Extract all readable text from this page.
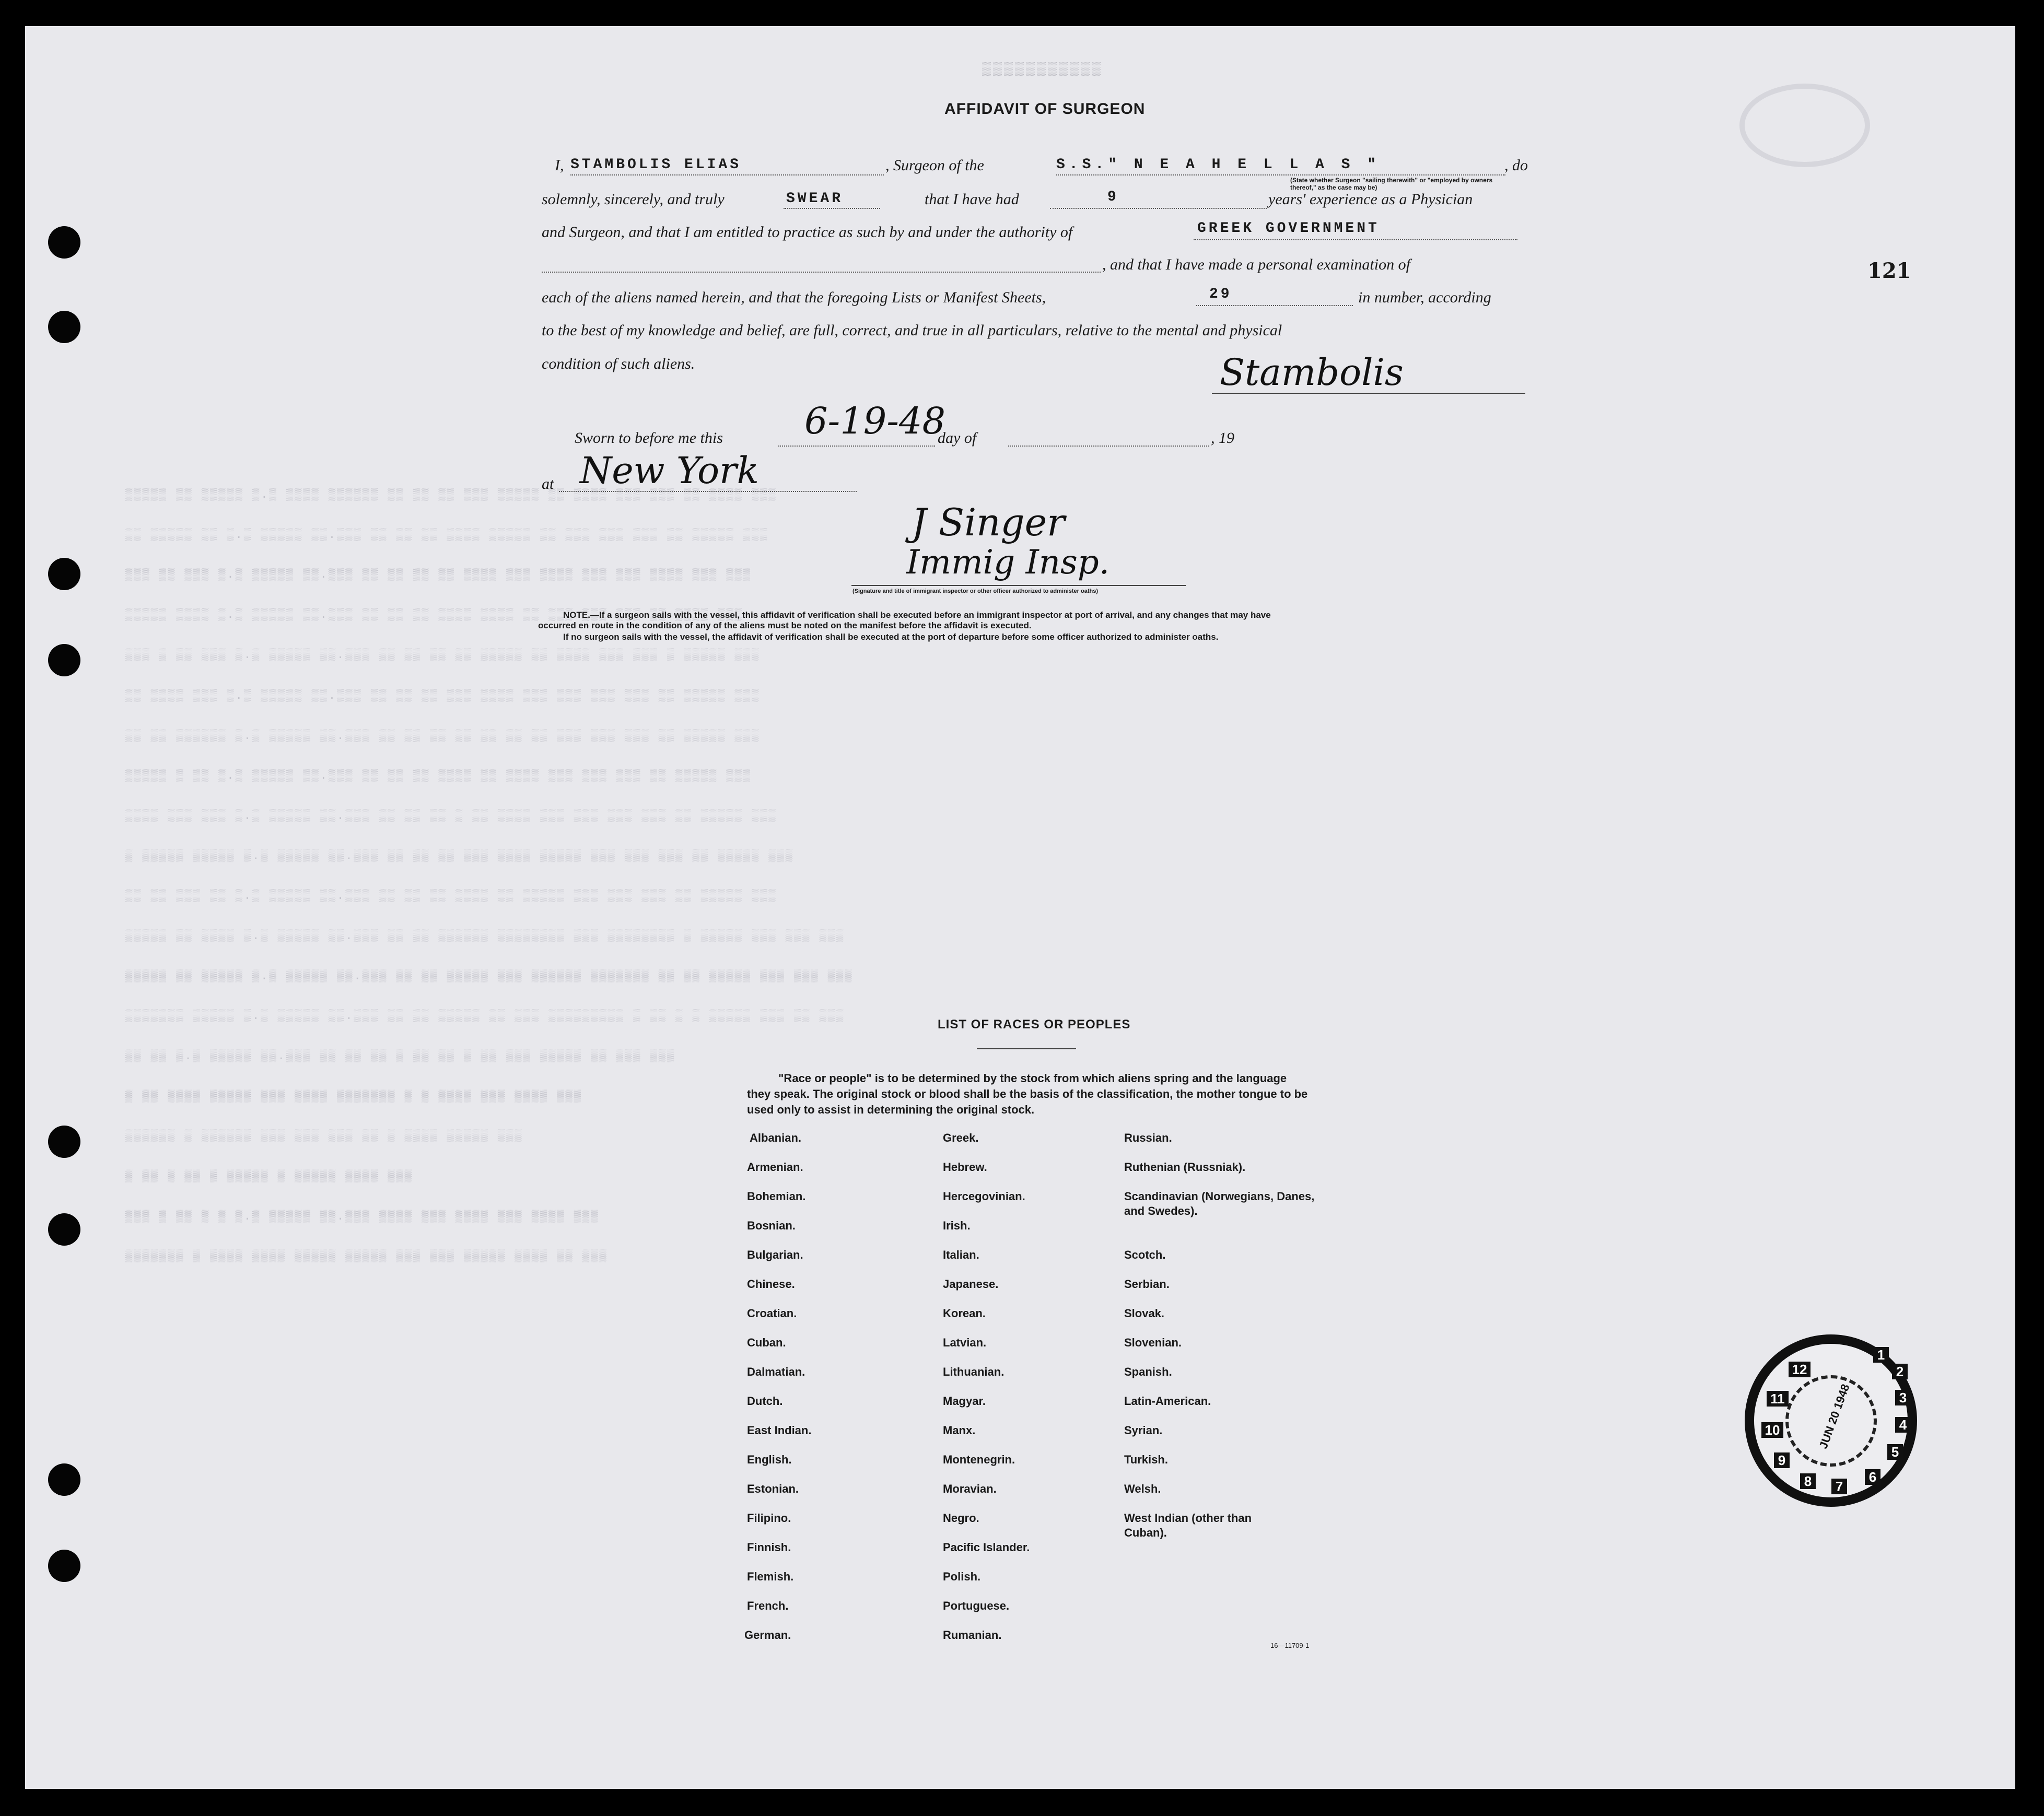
▒▒▒▒▒ ▒▒ ▒▒▒▒▒ ▒.▒ ▒▒▒▒ ▒▒▒▒▒▒ ▒▒ ▒▒ ▒▒ ▒▒▒ ▒▒▒▒▒ ▒▒ ▒▒▒▒ ▒▒▒ ▒▒▒ ▒▒ ▒▒▒▒ ▒▒▒
▒▒ ▒▒▒▒▒ ▒▒ ▒.▒ ▒▒▒▒▒ ▒▒.▒▒▒ ▒▒ ▒▒ ▒▒ ▒▒▒▒ ▒▒▒▒▒ ▒▒ ▒▒▒ ▒▒▒ ▒▒▒ ▒▒ ▒▒▒▒▒ ▒▒▒
▒▒▒ ▒▒ ▒▒▒ ▒.▒ ▒▒▒▒▒ ▒▒.▒▒▒ ▒▒ ▒▒ ▒▒ ▒▒ ▒▒▒▒ ▒▒▒ ▒▒▒▒ ▒▒▒ ▒▒▒ ▒▒▒▒ ▒▒▒ ▒▒▒
▒▒▒▒▒ ▒▒▒▒ ▒.▒ ▒▒▒▒▒ ▒▒.▒▒▒ ▒▒ ▒▒ ▒▒ ▒▒▒▒ ▒▒▒▒ ▒▒ ▒▒▒ ▒▒▒ ▒▒▒ ▒▒ ▒▒▒▒ ▒▒▒
▒▒▒ ▒ ▒▒ ▒▒▒ ▒.▒ ▒▒▒▒▒ ▒▒.▒▒▒ ▒▒ ▒▒ ▒▒ ▒▒ ▒▒▒▒▒ ▒▒ ▒▒▒▒ ▒▒▒ ▒▒▒ ▒ ▒▒▒▒▒ ▒▒▒
▒▒ ▒▒▒▒ ▒▒▒ ▒.▒ ▒▒▒▒▒ ▒▒.▒▒▒ ▒▒ ▒▒ ▒▒ ▒▒▒ ▒▒▒▒ ▒▒▒ ▒▒▒ ▒▒▒ ▒▒▒ ▒▒ ▒▒▒▒▒ ▒▒▒
▒▒ ▒▒ ▒▒▒▒▒▒ ▒.▒ ▒▒▒▒▒ ▒▒.▒▒▒ ▒▒ ▒▒ ▒▒ ▒▒ ▒▒ ▒▒ ▒▒ ▒▒▒ ▒▒▒ ▒▒▒ ▒▒ ▒▒▒▒▒ ▒▒▒
▒▒▒▒▒ ▒ ▒▒ ▒.▒ ▒▒▒▒▒ ▒▒.▒▒▒ ▒▒ ▒▒ ▒▒ ▒▒▒▒ ▒▒ ▒▒▒▒ ▒▒▒ ▒▒▒ ▒▒▒ ▒▒ ▒▒▒▒▒ ▒▒▒
▒▒▒▒ ▒▒▒ ▒▒▒ ▒.▒ ▒▒▒▒▒ ▒▒.▒▒▒ ▒▒ ▒▒ ▒▒ ▒ ▒▒ ▒▒▒▒ ▒▒▒ ▒▒▒ ▒▒▒ ▒▒▒ ▒▒ ▒▒▒▒▒ ▒▒▒
▒ ▒▒▒▒▒ ▒▒▒▒▒ ▒.▒ ▒▒▒▒▒ ▒▒.▒▒▒ ▒▒ ▒▒ ▒▒ ▒▒▒ ▒▒▒▒ ▒▒▒▒▒ ▒▒▒ ▒▒▒ ▒▒▒ ▒▒ ▒▒▒▒▒ ▒▒▒
▒▒ ▒▒ ▒▒▒ ▒▒ ▒.▒ ▒▒▒▒▒ ▒▒.▒▒▒ ▒▒ ▒▒ ▒▒ ▒▒▒▒ ▒▒ ▒▒▒▒▒ ▒▒▒ ▒▒▒ ▒▒▒ ▒▒ ▒▒▒▒▒ ▒▒▒
▒▒▒▒▒ ▒▒ ▒▒▒▒ ▒.▒ ▒▒▒▒▒ ▒▒.▒▒▒ ▒▒ ▒▒ ▒▒▒▒▒▒ ▒▒▒▒▒▒▒▒ ▒▒▒ ▒▒▒▒▒▒▒▒ ▒ ▒▒▒▒▒ ▒▒▒ ▒▒▒ ▒▒▒
▒▒▒▒▒ ▒▒ ▒▒▒▒▒ ▒.▒ ▒▒▒▒▒ ▒▒.▒▒▒ ▒▒ ▒▒ ▒▒▒▒▒ ▒▒▒ ▒▒▒▒▒▒ ▒▒▒▒▒▒▒ ▒▒ ▒▒ ▒▒▒▒▒ ▒▒▒ ▒▒▒ ▒▒▒
▒▒▒▒▒▒▒ ▒▒▒▒▒ ▒.▒ ▒▒▒▒▒ ▒▒.▒▒▒ ▒▒ ▒▒ ▒▒▒▒▒ ▒▒ ▒▒▒ ▒▒▒▒▒▒▒▒▒ ▒ ▒▒ ▒ ▒ ▒▒▒▒▒ ▒▒▒ ▒▒ ▒▒▒
▒▒ ▒▒ ▒.▒ ▒▒▒▒▒ ▒▒.▒▒▒ ▒▒ ▒▒ ▒▒ ▒ ▒▒ ▒▒ ▒ ▒▒ ▒▒▒ ▒▒▒▒▒ ▒▒ ▒▒▒ ▒▒▒
▒ ▒▒ ▒▒▒▒ ▒▒▒▒▒ ▒▒▒ ▒▒▒▒ ▒▒▒▒▒▒▒ ▒ ▒ ▒▒▒▒ ▒▒▒ ▒▒▒▒ ▒▒▒
▒▒▒▒▒▒ ▒ ▒▒▒▒▒▒ ▒▒▒ ▒▒▒ ▒▒▒ ▒▒ ▒ ▒▒▒▒ ▒▒▒▒▒ ▒▒▒
▒ ▒▒ ▒ ▒▒ ▒ ▒▒▒▒▒ ▒ ▒▒▒▒▒ ▒▒▒▒ ▒▒▒
▒▒▒ ▒ ▒▒ ▒ ▒ ▒.▒ ▒▒▒▒▒ ▒▒.▒▒▒ ▒▒▒▒ ▒▒▒ ▒▒▒▒ ▒▒▒ ▒▒▒▒ ▒▒▒
▒▒▒▒▒▒▒ ▒ ▒▒▒▒ ▒▒▒▒ ▒▒▒▒▒ ▒▒▒▒▒ ▒▒▒ ▒▒▒ ▒▒▒▒▒ ▒▒▒▒ ▒▒ ▒▒▒
121
AFFIDAVIT OF SURGEON
▒▒▒▒▒▒▒▒▒▒▒
I, STAMBOLIS ELIAS	, Surgeon of the	S.S." N E A H E L L A S "	, do
(State whether Surgeon "sailing therewith" or "employed by owners thereof," as the case may be)
solemnly, sincerely, and truly	SWEAR	that I have had	9	years' experience as a Physician
and Surgeon, and that I am entitled to practice as such by and under the authority of	GREEK GOVERNMENT
, and that I have made a personal examination of
each of the aliens named herein, and that the foregoing Lists or Manifest Sheets,	29	in number, according
to the best of my knowledge and belief, are full, correct, and true in all particulars, relative to the mental and physical
condition of such aliens.	Stambolis
Sworn to before me this 6-19-48
day of	, 19
at New York
J Singer
Immig Insp.
(Signature and title of immigrant inspector or other officer authorized to administer oaths)
NOTE.—If a surgeon sails with the vessel, this affidavit of verification shall be executed before an immigrant inspector at port of arrival, and any changes that may have
occurred en route in the condition of any of the aliens must be noted on the manifest before the affidavit is executed.
If no surgeon sails with the vessel, the affidavit of verification shall be executed at the port of departure before some officer authorized to administer oaths.
LIST OF RACES OR PEOPLES
"Race or people" is to be determined by the stock from which aliens spring and the language they speak. The original stock or blood shall be the basis of the classification, the mother tongue to be used only to assist in determining the original stock.
Albanian.
Armenian.
Bohemian.
Bosnian.
Bulgarian.
Chinese.
Croatian.
Cuban.
Dalmatian.
Dutch.
East Indian.
English.
Estonian.
Filipino.
Finnish.
Flemish.
French.
German.
Greek.
Hebrew.
Hercegovinian.
Irish.
Italian.
Japanese.
Korean.
Latvian.
Lithuanian.
Magyar.
Manx.
Montenegrin.
Moravian.
Negro.
Pacific Islander.
Polish.
Portuguese.
Rumanian.
Russian.
Ruthenian (Russniak).
Scandinavian (Norwegians, Danes, and Swedes).
Scotch.
Serbian.
Slovak.
Slovenian.
Spanish.
Latin-American.
Syrian.
Turkish.
Welsh.
West Indian (other than Cuban).
16—11709-1
JUN 20 1948
1
2
3
4
5
6
7
8
9
10
11
12
